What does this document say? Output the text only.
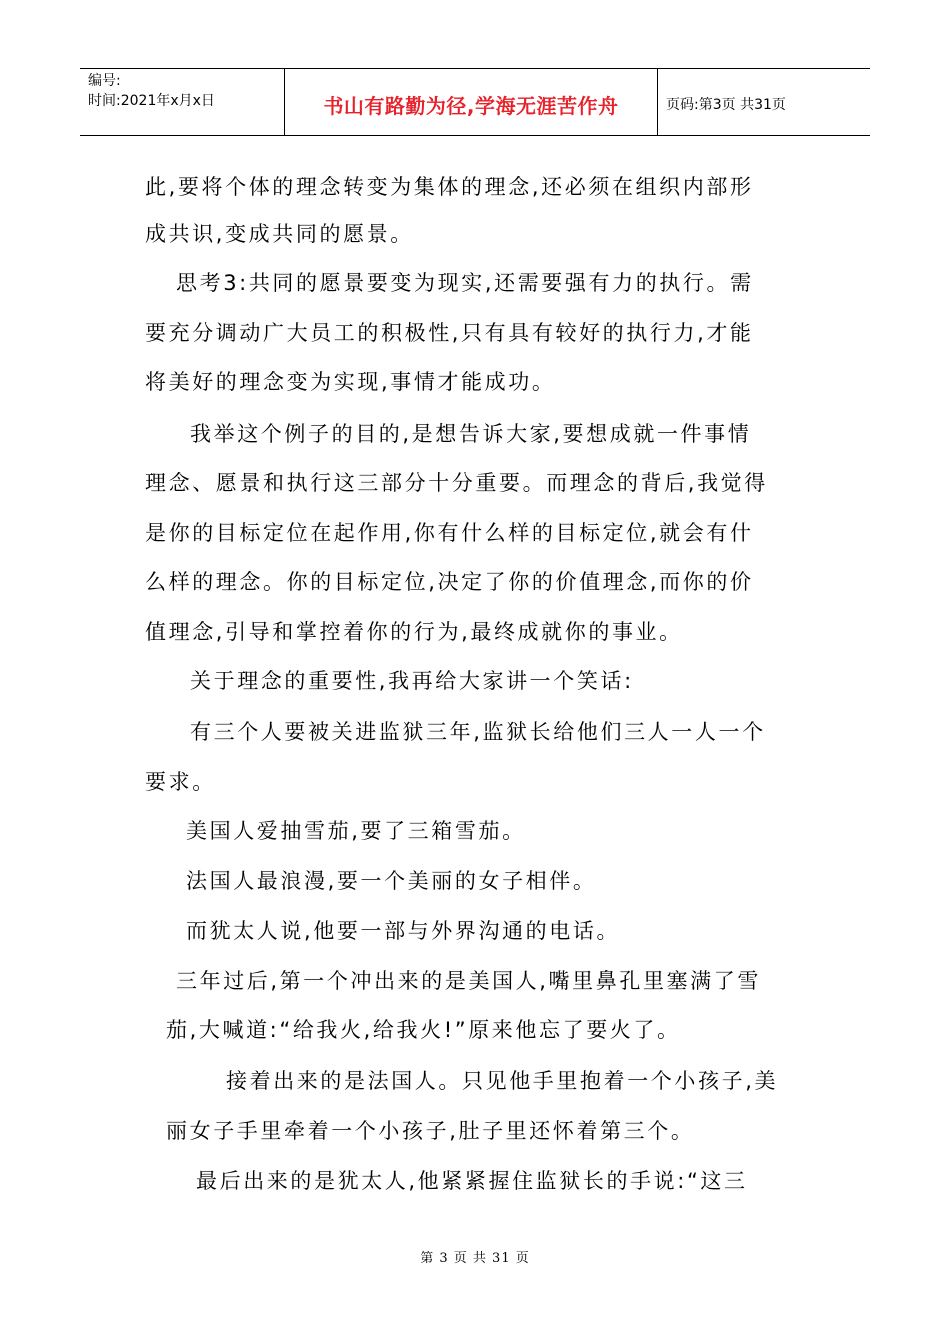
编号:
时间:2021年x月x日	书山有路勤为径,学海无涯苦作舟	页码:第3页 共31页
此,要将个体的理念转变为集体的理念,还必须在组织内部形
成共识,变成共同的愿景。
思考3:共同的愿景要变为现实,还需要强有力的执行。需
要充分调动广大员工的积极性,只有具有较好的执行力,才能
将美好的理念变为实现,事情才能成功。
我举这个例子的目的,是想告诉大家,要想成就一件事情
理念、愿景和执行这三部分十分重要。而理念的背后,我觉得
是你的目标定位在起作用,你有什么样的目标定位,就会有什
么样的理念。你的目标定位,决定了你的价值理念,而你的价
值理念,引导和掌控着你的行为,最终成就你的事业。
关于理念的重要性,我再给大家讲一个笑话:
有三个人要被关进监狱三年,监狱长给他们三人一人一个
要求。
美国人爱抽雪茄,要了三箱雪茄。
法国人最浪漫,要一个美丽的女子相伴。
而犹太人说,他要一部与外界沟通的电话。
三年过后,第一个冲出来的是美国人,嘴里鼻孔里塞满了雪
茄,大喊道:“给我火,给我火!”原来他忘了要火了。
接着出来的是法国人。只见他手里抱着一个小孩子,美
丽女子手里牵着一个小孩子,肚子里还怀着第三个。
最后出来的是犹太人,他紧紧握住监狱长的手说:“这三
第 3 页 共 31 页
